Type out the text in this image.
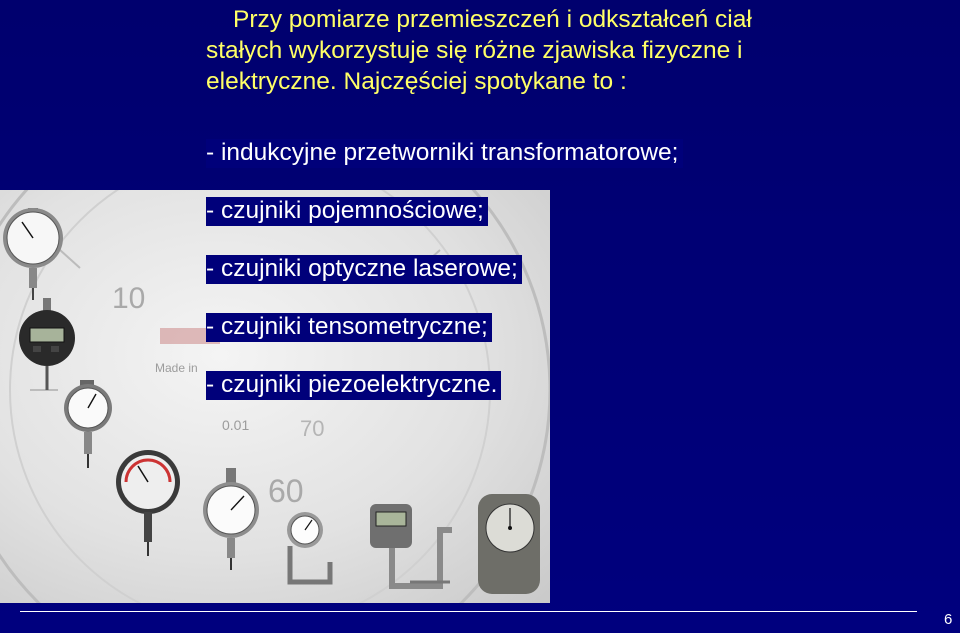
10
60
70
0.01
Made in
Przy pomiarze przemieszczeń i odkształceń ciał
stałych wykorzystuje się różne zjawiska fizyczne i
elektryczne. Najczęściej spotykane to :
- indukcyjne przetworniki transformatorowe;
- czujniki pojemnościowe;
- czujniki optyczne laserowe;
- czujniki tensometryczne;
- czujniki piezoelektryczne.
6
